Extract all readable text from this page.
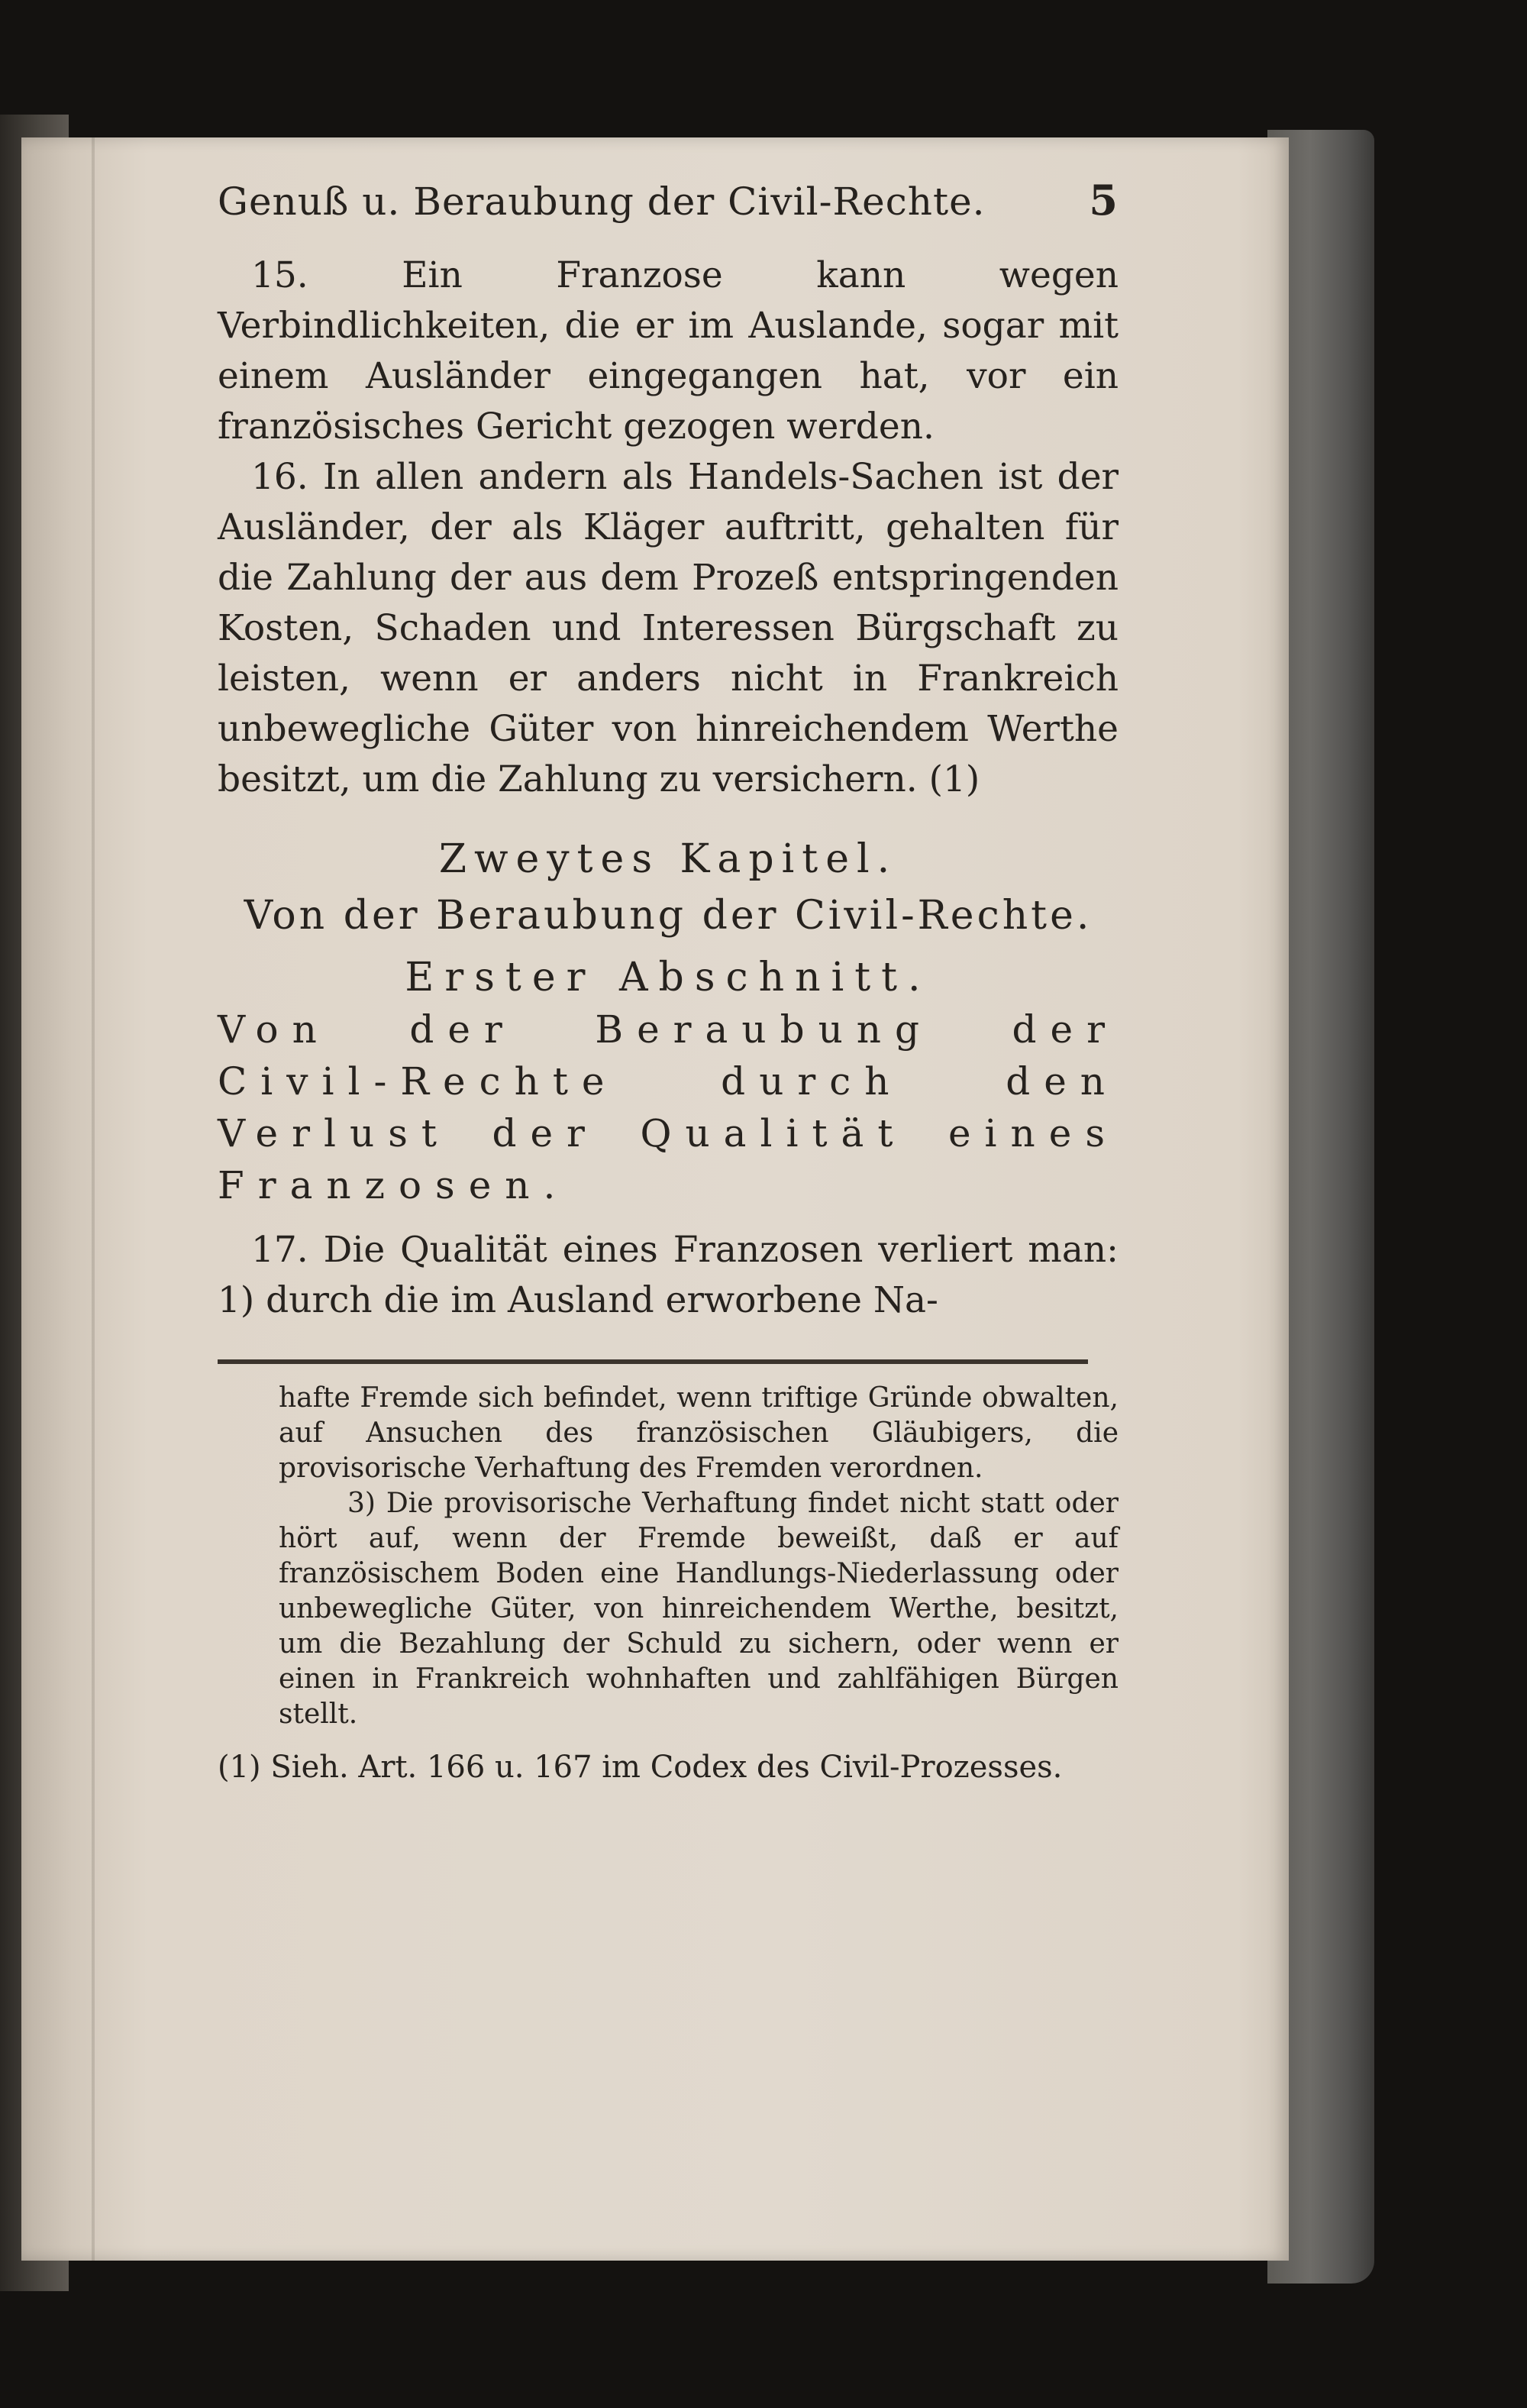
Genuß u. Beraubung der Civil-Rechte.	5

15. Ein Franzose kann wegen Verbindlichkeiten, die er im Auslande, sogar mit einem Ausländer eingegangen hat, vor ein französisches Gericht gezogen werden.

16. In allen andern als Handels-Sachen ist der Ausländer, der als Kläger auftritt, gehalten für die Zahlung der aus dem Prozeß entspringenden Kosten, Schaden und Interessen Bürgschaft zu leisten, wenn er anders nicht in Frankreich unbewegliche Güter von hinreichendem Werthe besitzt, um die Zahlung zu versichern. (1)

Zweytes Kapitel.
Von der Beraubung der Civil-Rechte.
Erster Abschnitt.
Von der Beraubung der Civil-Rechte durch den Verlust der Qualität eines Franzosen.

17. Die Qualität eines Franzosen verliert man: 1) durch die im Ausland erworbene Na-

hafte Fremde sich befindet, wenn triftige Gründe obwalten, auf Ansuchen des französischen Gläubigers, die provisorische Verhaftung des Fremden verordnen.

3) Die provisorische Verhaftung findet nicht statt oder hört auf, wenn der Fremde beweißt, daß er auf französischem Boden eine Handlungs-Niederlassung oder unbewegliche Güter, von hinreichendem Werthe, besitzt, um die Bezahlung der Schuld zu sichern, oder wenn er einen in Frankreich wohnhaften und zahlfähigen Bürgen stellt.

(1) Sieh. Art. 166 u. 167 im Codex des Civil-Prozesses.
